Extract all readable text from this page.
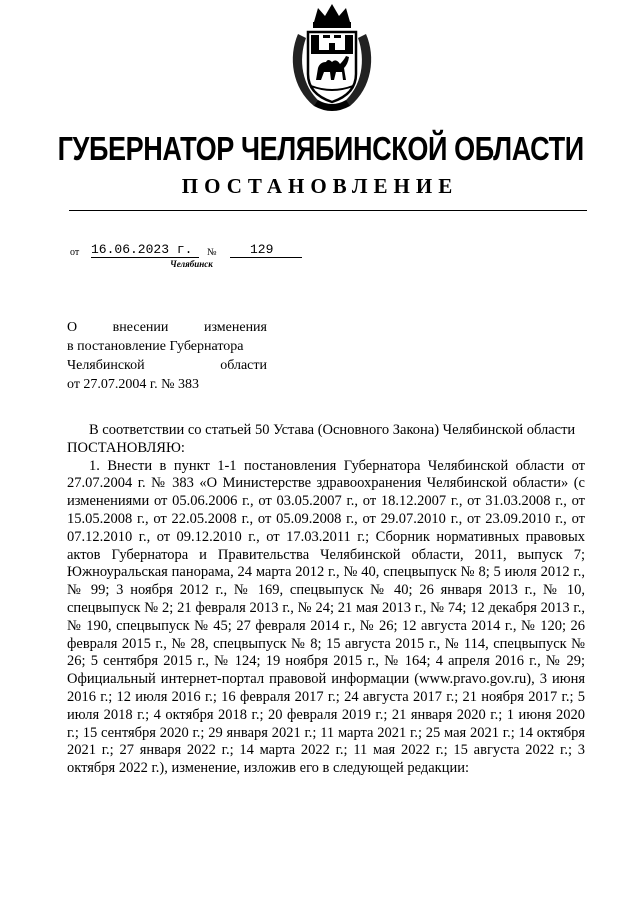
ГУБЕРНАТОР ЧЕЛЯБИНСКОЙ ОБЛАСТИ
ПОСТАНОВЛЕНИЕ
от 16.06.2023 г.	№	129
Челябинск
О внесении изменения
в постановление Губернатора
Челябинской области
от 27.07.2004 г. № 383

В соответствии со статьей 50 Устава (Основного Закона) Челябинской области

ПОСТАНОВЛЯЮ:

1. Внести в пункт 1-1 постановления Губернатора Челябинской области от 27.07.2004 г. № 383 «О Министерстве здравоохранения Челябинской области» (с изменениями от 05.06.2006 г., от 03.05.2007 г., от 18.12.2007 г., от 31.03.2008 г., от 15.05.2008 г., от 22.05.2008 г., от 05.09.2008 г., от 29.07.2010 г., от 23.09.2010 г., от 07.12.2010 г., от 09.12.2010 г., от 17.03.2011 г.; Сборник нормативных правовых актов Губернатора и Правительства Челябинской области, 2011, выпуск 7; Южноуральская панорама, 24 марта 2012 г., № 40, спецвыпуск № 8; 5 июля 2012 г., № 99; 3 ноября 2012 г., № 169, спецвыпуск № 40; 26 января 2013 г., № 10, спецвыпуск № 2; 21 февраля 2013 г., № 24; 21 мая 2013 г., № 74; 12 декабря 2013 г., № 190, спецвыпуск № 45; 27 февраля 2014 г., № 26; 12 августа 2014 г., № 120; 26 февраля 2015 г., № 28, спецвыпуск № 8; 15 августа 2015 г., № 114, спецвыпуск № 26; 5 сентября 2015 г., № 124; 19 ноября 2015 г., № 164; 4 апреля 2016 г., № 29; Официальный интернет-портал правовой информации (www.pravo.gov.ru), 3 июня 2016 г.; 12 июля 2016 г.; 16 февраля 2017 г.; 24 августа 2017 г.; 21 ноября 2017 г.; 5 июля 2018 г.; 4 октября 2018 г.; 20 февраля 2019 г.; 21 января 2020 г.; 1 июня 2020 г.; 15 сентября 2020 г.; 29 января 2021 г.; 11 марта 2021 г.; 25 мая 2021 г.; 14 октября 2021 г.; 27 января 2022 г.; 14 марта 2022 г.; 11 мая 2022 г.; 15 августа 2022 г.; 3 октября 2022 г.), изменение, изложив его в следующей редакции:
